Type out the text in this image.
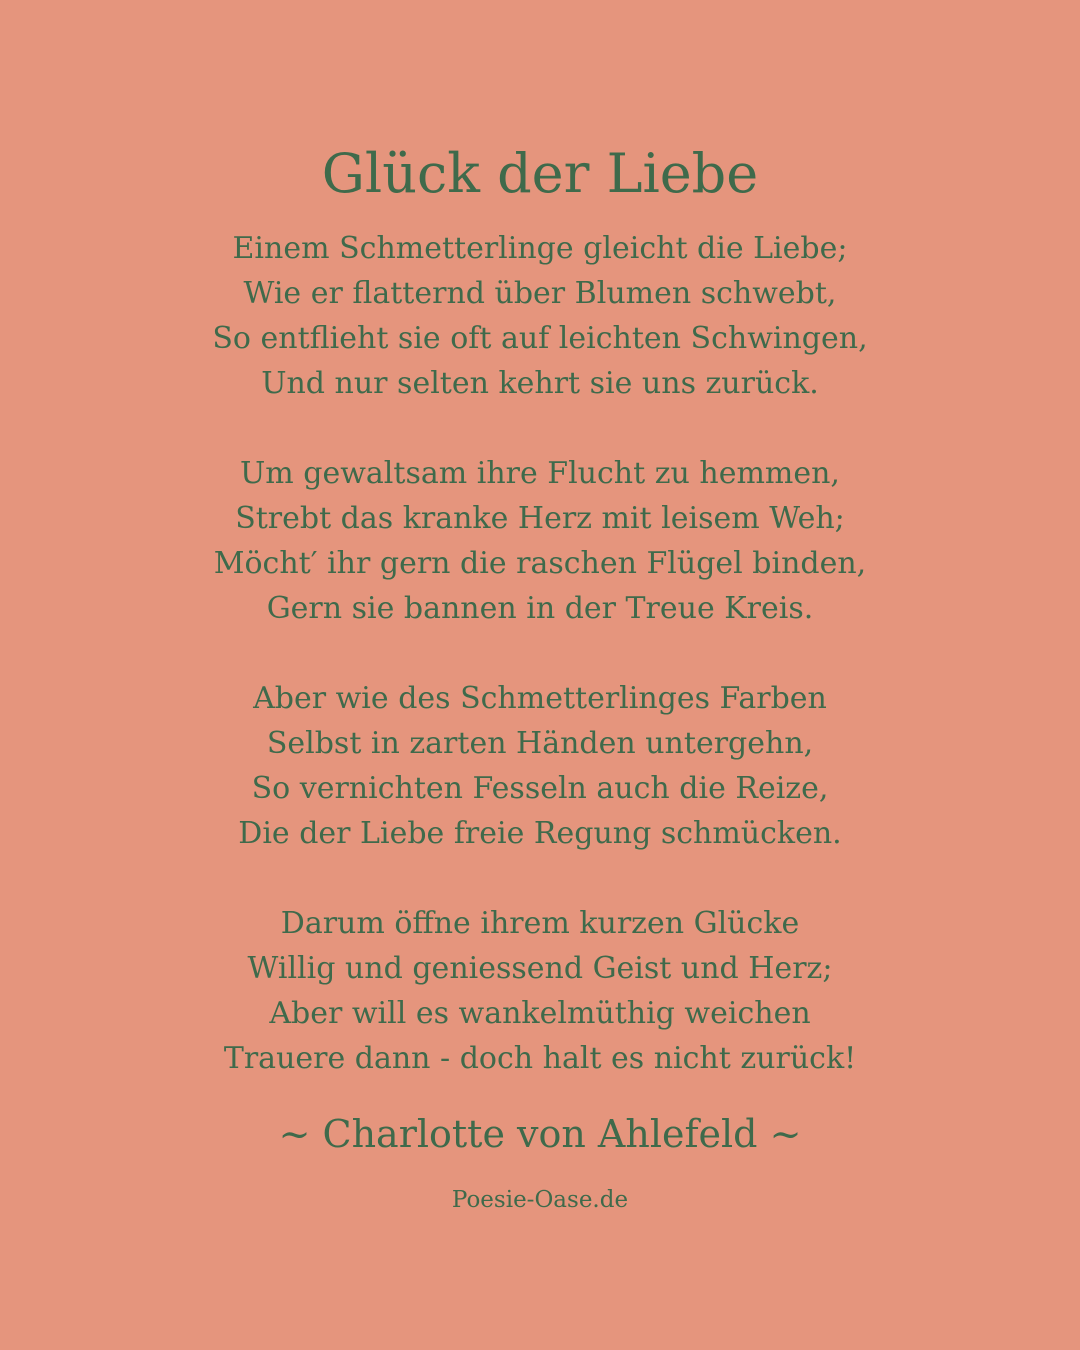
Glück der Liebe
Einem Schmetterlinge gleicht die Liebe;
Wie er flatternd über Blumen schwebt,
So entflieht sie oft auf leichten Schwingen,
Und nur selten kehrt sie uns zurück.
Um gewaltsam ihre Flucht zu hemmen,
Strebt das kranke Herz mit leisem Weh;
Möcht′ ihr gern die raschen Flügel binden,
Gern sie bannen in der Treue Kreis.
Aber wie des Schmetterlinges Farben
Selbst in zarten Händen untergehn,
So vernichten Fesseln auch die Reize,
Die der Liebe freie Regung schmücken.
Darum öffne ihrem kurzen Glücke
Willig und geniessend Geist und Herz;
Aber will es wankelmüthig weichen
Trauere dann - doch halt es nicht zurück!
~ Charlotte von Ahlefeld ~
Poesie-Oase.de
